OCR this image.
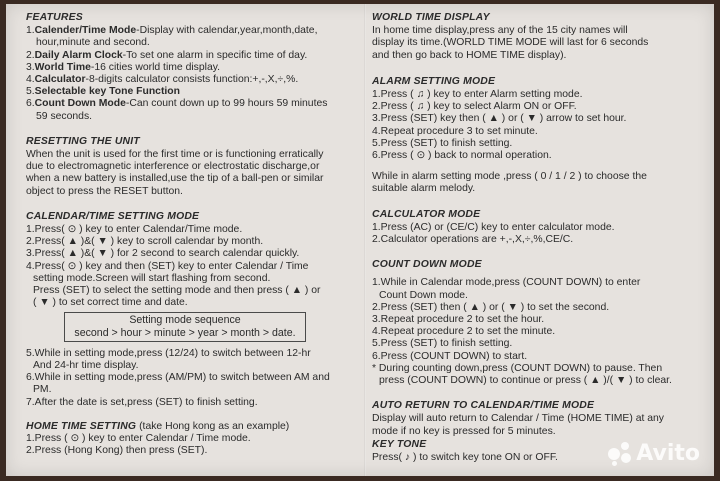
FEATURES
1.Calender/Time Mode-Display with calendar,year,month,date,
hour,minute and second.
2.Daily Alarm Clock-To set one alarm in specific time of day.
3.World Time-16 cities world time display.
4.Calculator-8-digits calculator consists function:+,-,X,÷,%.
5.Selectable key Tone Function
6.Count Down Mode-Can count down up to 99 hours 59 minutes
59 seconds.
RESETTING THE UNIT
When the unit is used for the first time or is functioning erratically
due to electromagnetic interference or electrostatic discharge,or
when a new battery is installed,use the tip of a ball-pen or similar
object to press the RESET button.
CALENDAR/TIME SETTING MODE
1.Press( ⊙ ) key to enter Calendar/Time mode.
2.Press( ▲ )&( ▼ ) key to scroll calendar by month.
3.Press( ▲ )&( ▼ ) for 2 second to search calendar quickly.
4.Press( ⊙ ) key and then (SET) key to enter Calendar / Time
setting mode.Screen will start flashing from second.
Press (SET) to select the setting mode and then press ( ▲ ) or
( ▼ ) to set correct time and date.
Setting mode sequence
second > hour > minute > year > month > date.
5.While in setting mode,press (12/24) to switch between 12-hr
And 24-hr time display.
6.While in setting mode,press (AM/PM) to switch between AM and
PM.
7.After the date is set,press (SET) to finish setting.
HOME TIME SETTING (take Hong kong as an example)
1.Press ( ⊙ ) key to enter Calendar / Time mode.
2.Press (Hong Kong) then press (SET).
WORLD TIME DISPLAY
In home time display,press any of the 15 city names will
display its time.(WORLD TIME MODE will last for 6 seconds
and then go back to HOME TIME display).
ALARM SETTING MODE
1.Press ( ♫ ) key to enter Alarm setting mode.
2.Press ( ♫ ) key to select Alarm ON or OFF.
3.Press (SET) key then ( ▲ ) or ( ▼ ) arrow to set hour.
4.Repeat procedure 3 to set minute.
5.Press (SET) to finish setting.
6.Press ( ⊙ ) back to normal operation.
While in alarm setting mode ,press ( 0 / 1 / 2 ) to choose the
suitable alarm melody.
CALCULATOR MODE
1.Press (AC) or (CE/C) key to enter calculator mode.
2.Calculator operations are +,-,X,÷,%,CE/C.
COUNT DOWN MODE
1.While in Calendar mode,press (COUNT DOWN) to enter
Count Down mode.
2.Press (SET) then ( ▲ ) or ( ▼ ) to set the second.
3.Repeat procedure 2 to set the hour.
4.Repeat procedure 2 to set the minute.
5.Press (SET) to finish setting.
6.Press (COUNT DOWN) to start.
* During counting down,press (COUNT DOWN) to pause. Then
press (COUNT DOWN) to continue or press ( ▲ )/( ▼ ) to clear.
AUTO RETURN TO CALENDAR/TIME MODE
Display will auto return to Calendar / Time (HOME TIME) at any
mode if no key is pressed for 5 minutes.
KEY TONE
Press( ♪ ) to switch key tone ON or OFF.	Avito
